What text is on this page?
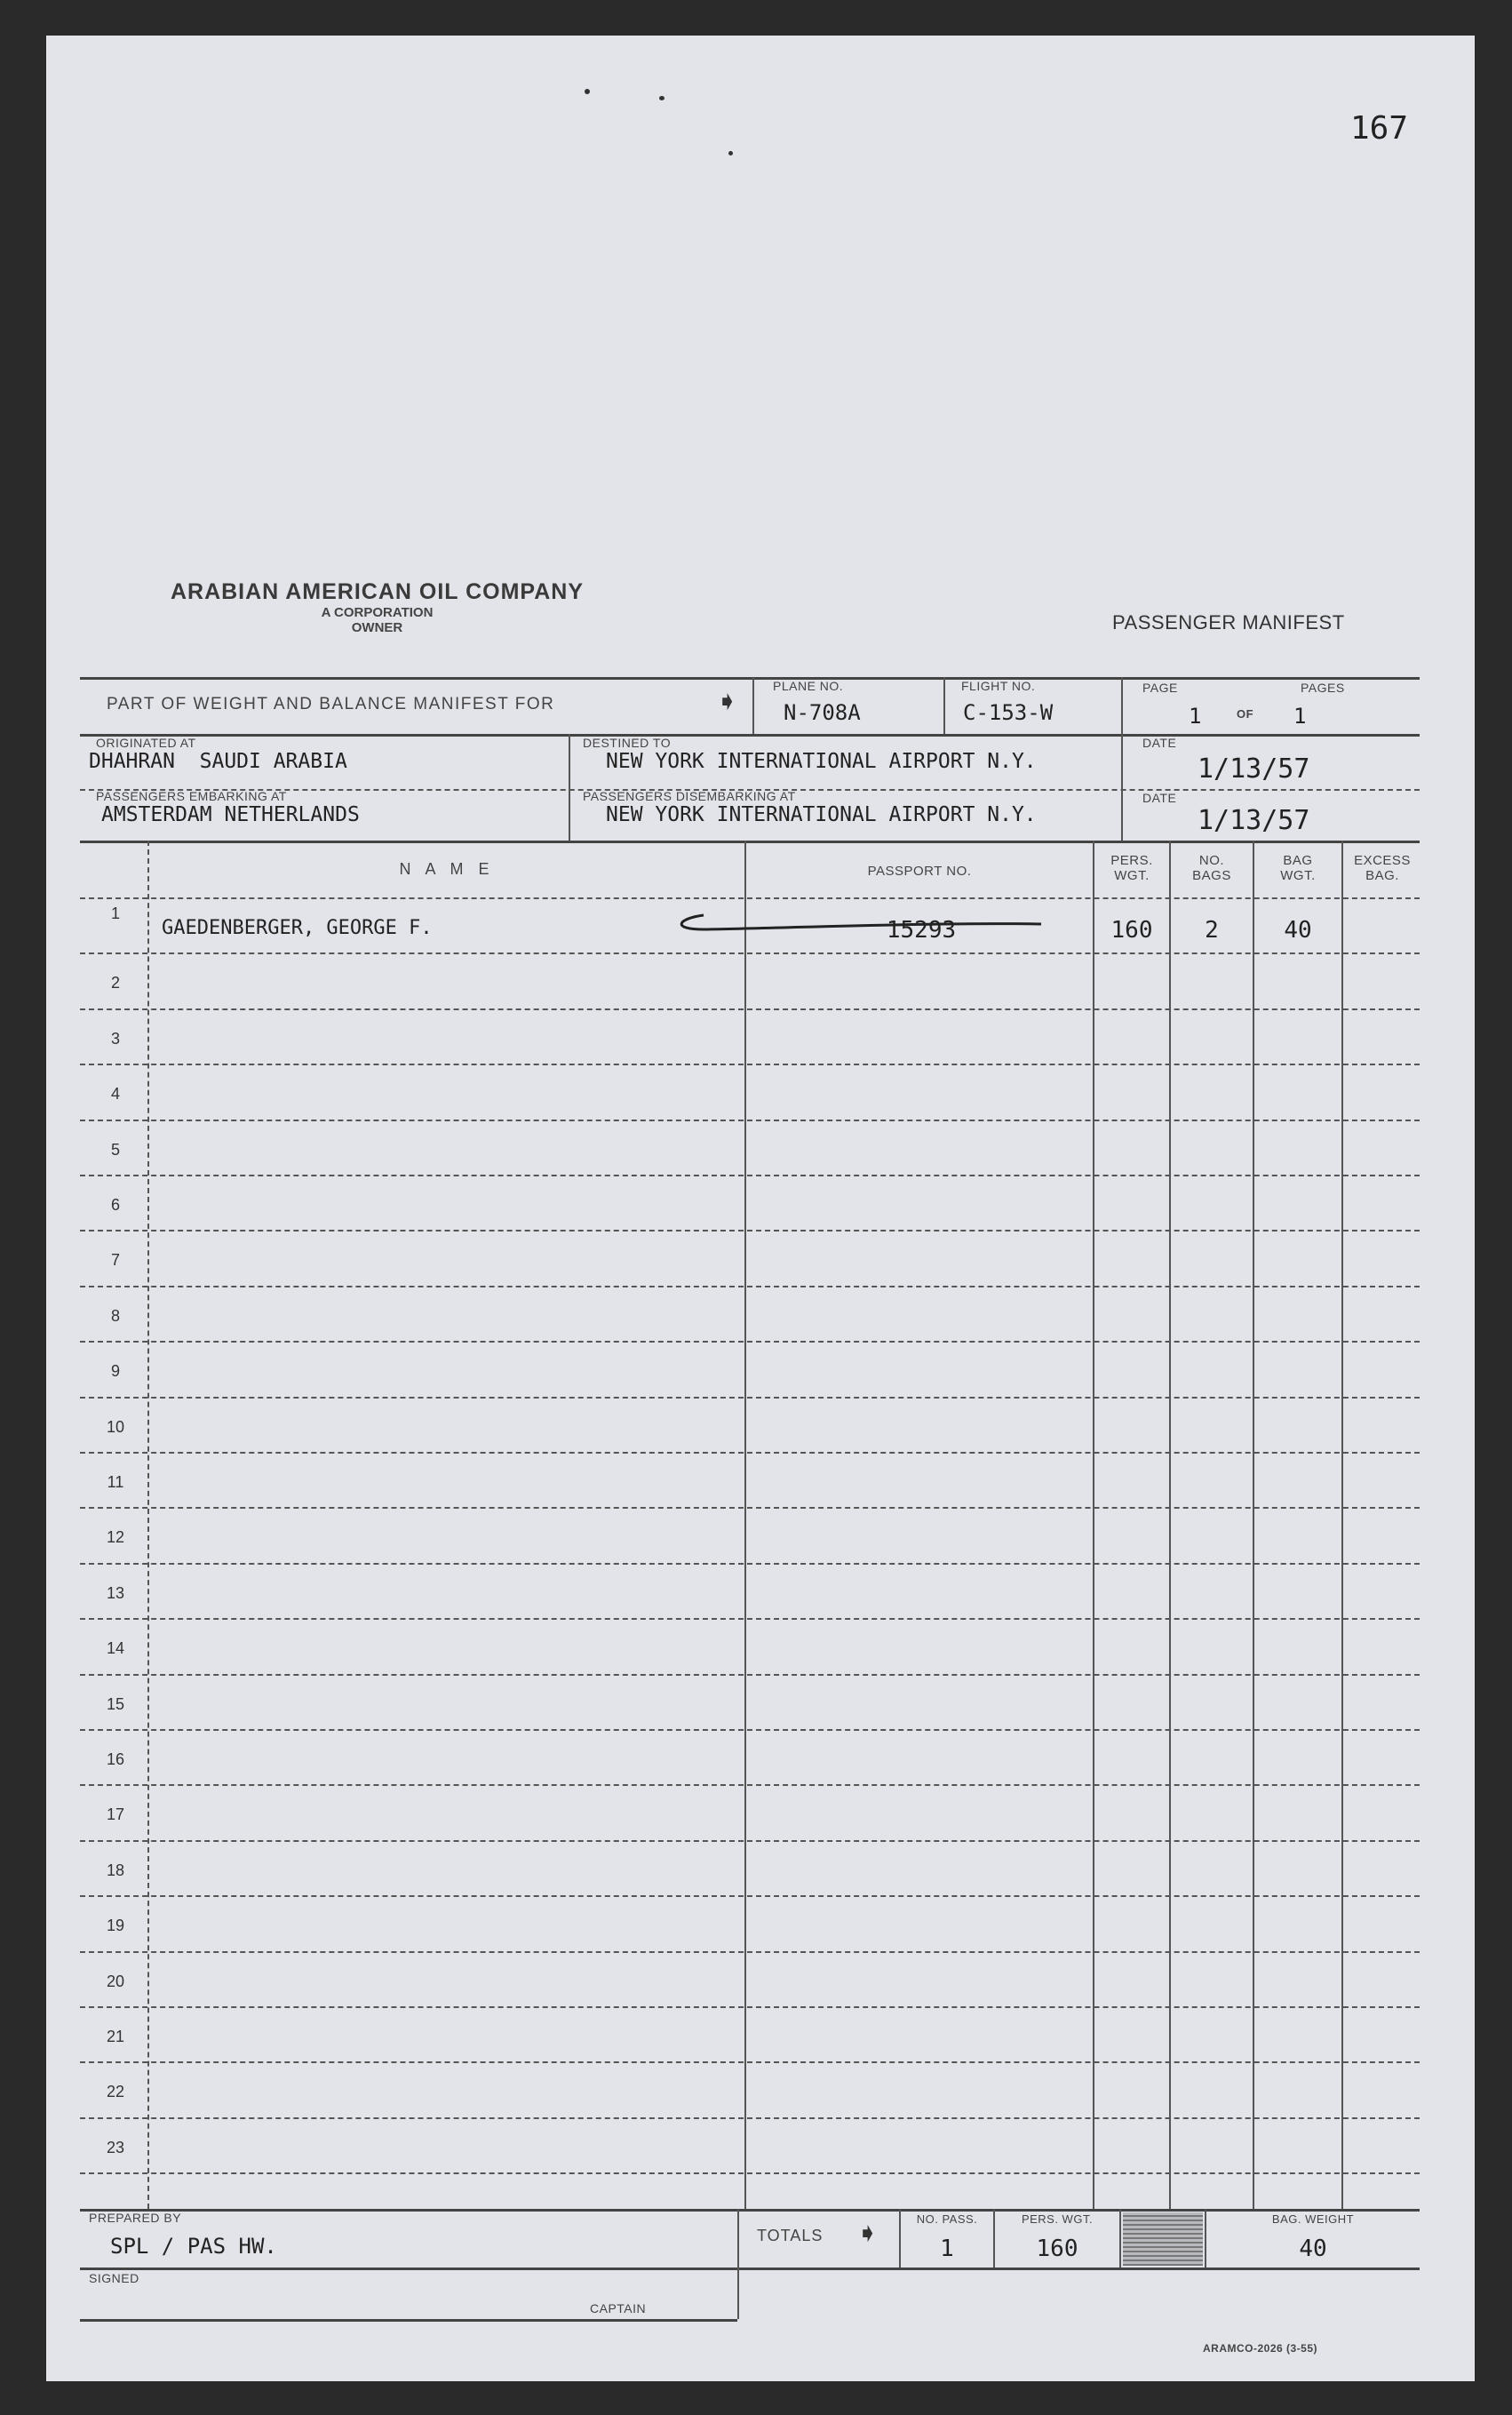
167
ARABIAN AMERICAN OIL COMPANY
A CORPORATION
OWNER	PASSENGER MANIFEST
PART OF WEIGHT AND BALANCE MANIFEST FOR	➧
PLANE NO.
N-708A
FLIGHT NO.
C-153-W
PAGE	PAGES
1	OF 1
ORIGINATED AT
DHAHRAN  SAUDI ARABIA
DESTINED TO
NEW YORK INTERNATIONAL AIRPORT N.Y.
DATE
1/13/57
PASSENGERS EMBARKING AT
AMSTERDAM NETHERLANDS
PASSENGERS DISEMBARKING AT
NEW YORK INTERNATIONAL AIRPORT N.Y.
DATE
1/13/57
N A M E	PASSPORT NO.
PERS.
WGT.
NO.
BAGS
BAG
WGT.
EXCESS
BAG.
1
GAEDENBERGER, GEORGE F.	15293	160	2	40
2
3
4
5
6
7
8
9
10
11
12
13
14
15
16
17
18
19
20
21
22
23
PREPARED BY
SPL / PAS HW.
SIGNED
CAPTAIN
TOTALS ➧	NO. PASS.
1
PERS. WGT.
160
BAG. WEIGHT
40
ARAMCO-2026 (3-55)
